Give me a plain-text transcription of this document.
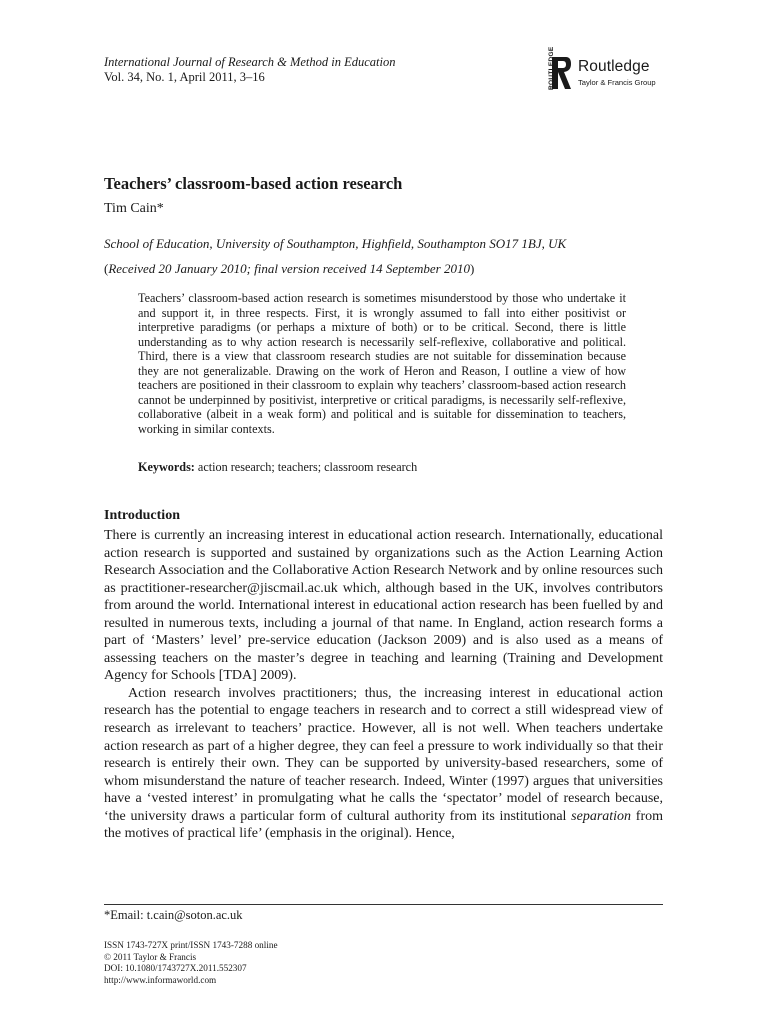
International Journal of Research & Method in Education
Vol. 34, No. 1, April 2011, 3–16	ROUTLEDGE Routledge
Taylor & Francis Group
Teachers’ classroom-based action research
Tim Cain*
School of Education, University of Southampton, Highfield, Southampton SO17 1BJ, UK
(Received 20 January 2010; final version received 14 September 2010)
Teachers’ classroom-based action research is sometimes misunderstood by those who undertake it and support it, in three respects. First, it is wrongly assumed to fall into either positivist or interpretive paradigms (or perhaps a mixture of both) or to be critical. Second, there is little understanding as to why action research is necessarily self-reflexive, collaborative and political. Third, there is a view that classroom research studies are not suitable for dissemination because they are not generalizable. Drawing on the work of Heron and Reason, I outline a view of how teachers are positioned in their classroom to explain why teachers’ classroom-based action research cannot be underpinned by positivist, interpretive or critical paradigms, is necessarily self-reflexive, collaborative (albeit in a weak form) and political and is suitable for dissemination to teachers, working in similar contexts.
Keywords: action research; teachers; classroom research
Introduction

There is currently an increasing interest in educational action research. Internationally, educational action research is supported and sustained by organizations such as the Action Learning Action Research Association and the Collaborative Action Research Network and by online resources such as practitioner-researcher@jiscmail.ac.uk which, although based in the UK, involves contributors from around the world. International interest in educational action research has been fuelled by and resulted in numerous texts, including a journal of that name. In England, action research forms a part of ‘Masters’ level’ pre-service education (Jackson 2009) and is also used as a means of assessing teachers on the master’s degree in teaching and learning (Training and Development Agency for Schools [TDA] 2009).

Action research involves practitioners; thus, the increasing interest in educational action research has the potential to engage teachers in research and to correct a still widespread view of research as irrelevant to teachers’ practice. However, all is not well. When teachers undertake action research as part of a higher degree, they can feel a pressure to work individually so that their research is entirely their own. They can be supported by university-based researchers, some of whom misunderstand the nature of teacher research. Indeed, Winter (1997) argues that universities have a ‘vested interest’ in promulgating what he calls the ‘spectator’ model of research because, ‘the university draws a particular form of cultural authority from its institutional separation from the motives of practical life’ (emphasis in the original). Hence,

*Email: t.cain@soton.ac.uk
ISSN 1743-727X print/ISSN 1743-7288 online
© 2011 Taylor & Francis
DOI: 10.1080/1743727X.2011.552307
http://www.informaworld.com
